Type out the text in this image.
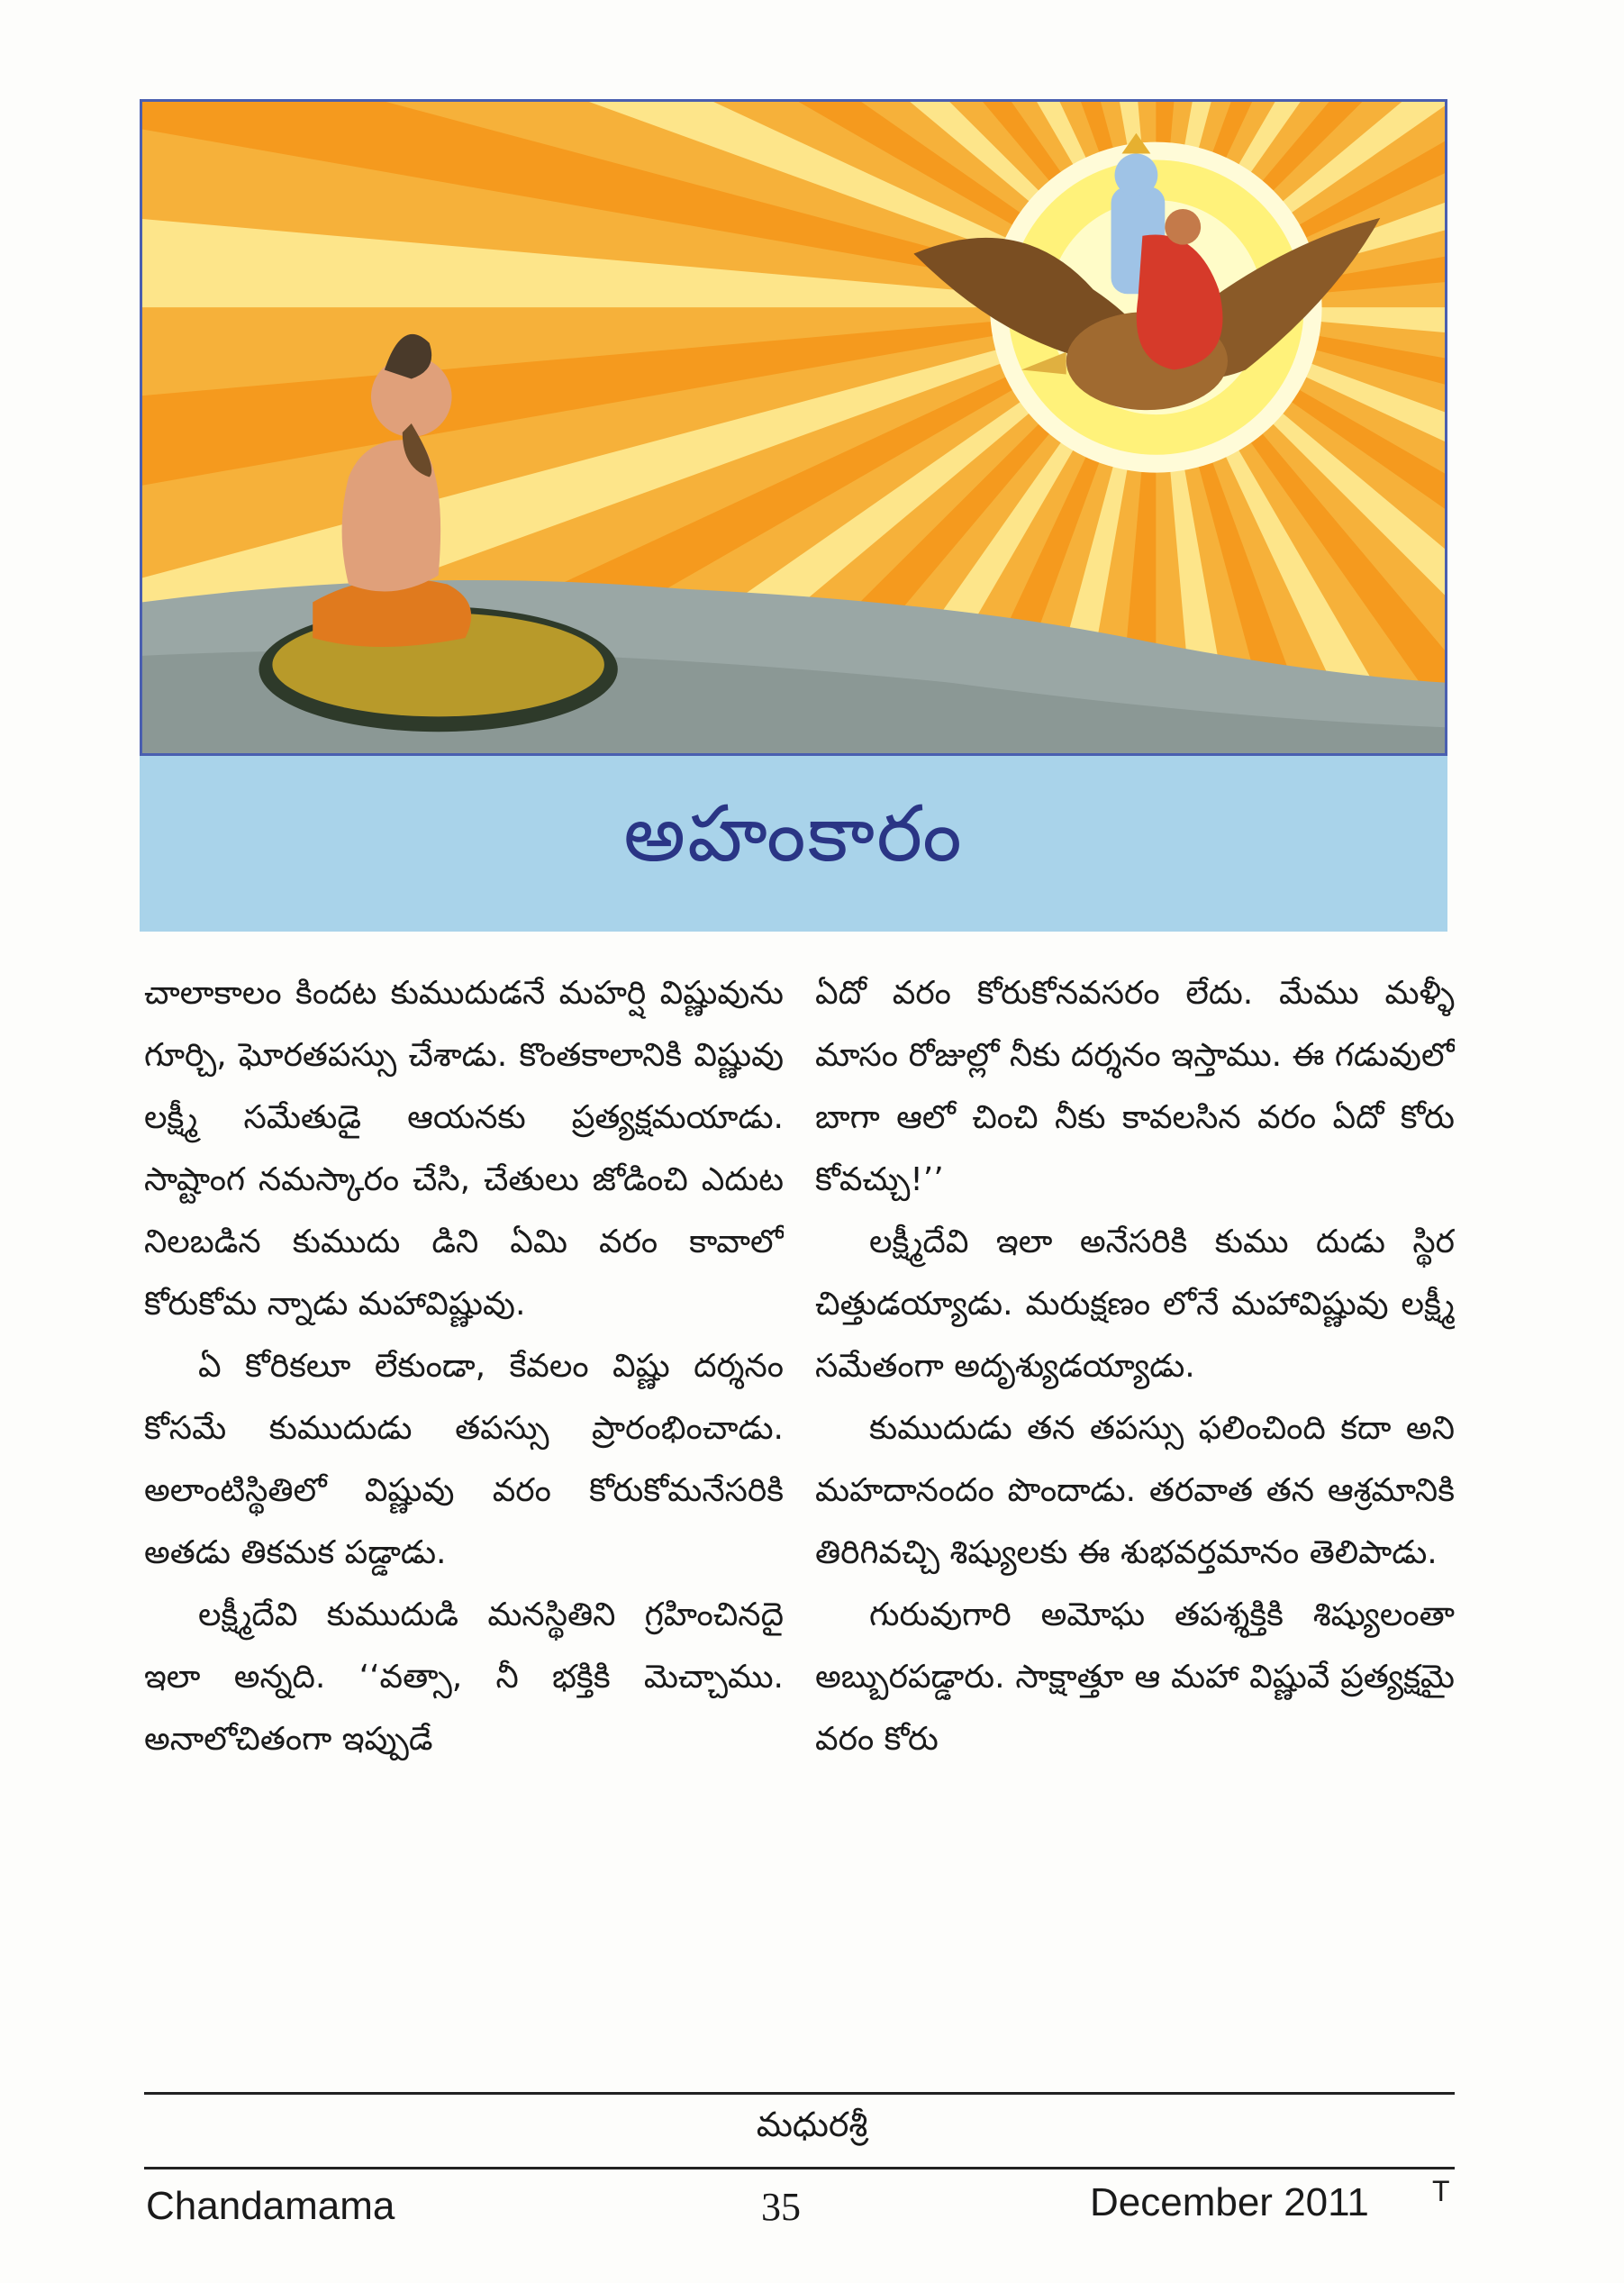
అహంకారం

చాలాకాలం కిందట కుముదుడనే మహర్షి విష్ణువును గూర్చి, ఘోరతపస్సు చేశాడు. కొంతకాలానికి విష్ణువు లక్ష్మీ సమేతుడై ఆయనకు ప్రత్యక్షమయాడు. సాష్టాంగ నమస్కారం చేసి, చేతులు జోడించి ఎదుట నిలబడిన కుముదు డిని ఏమి వరం కావాలో కోరుకోమ న్నాడు మహావిష్ణువు.

ఏ కోరికలూ లేకుండా, కేవలం విష్ణు దర్శనం కోసమే కుముదుడు తపస్సు ప్రారంభించాడు. అలాంటిస్థితిలో విష్ణువు వరం కోరుకోమనేసరికి అతడు తికమక పడ్డాడు.

లక్ష్మీదేవి కుముదుడి మనస్థితిని గ్రహించినదై ఇలా అన్నది. ‘‘వత్సా, నీ భక్తికి మెచ్చాము. అనాలోచితంగా ఇప్పుడే

ఏదో వరం కోరుకోనవసరం లేదు. మేము మళ్ళీ మాసం రోజుల్లో నీకు దర్శనం ఇస్తాము. ఈ గడువులో బాగా ఆలో చించి నీకు కావలసిన వరం ఏదో కోరు కోవచ్చు!’’

లక్ష్మీదేవి ఇలా అనేసరికి కుము దుడు స్థిర చిత్తుడయ్యాడు. మరుక్షణం లోనే మహావిష్ణువు లక్ష్మీ సమేతంగా అదృశ్యుడయ్యాడు.

కుముదుడు తన తపస్సు ఫలించింది కదా అని మహదానందం పొందాడు. తరవాత తన ఆశ్రమానికి తిరిగివచ్చి శిష్యులకు ఈ శుభవర్తమానం తెలిపాడు.

గురువుగారి అమోఘ తపశ్శక్తికి శిష్యులంతా అబ్బురపడ్డారు. సాక్షాత్తూ ఆ మహా విష్ణువే ప్రత్యక్షమై వరం కోరు

మధురశ్రీ
Chandamama	35	December 2011 T
